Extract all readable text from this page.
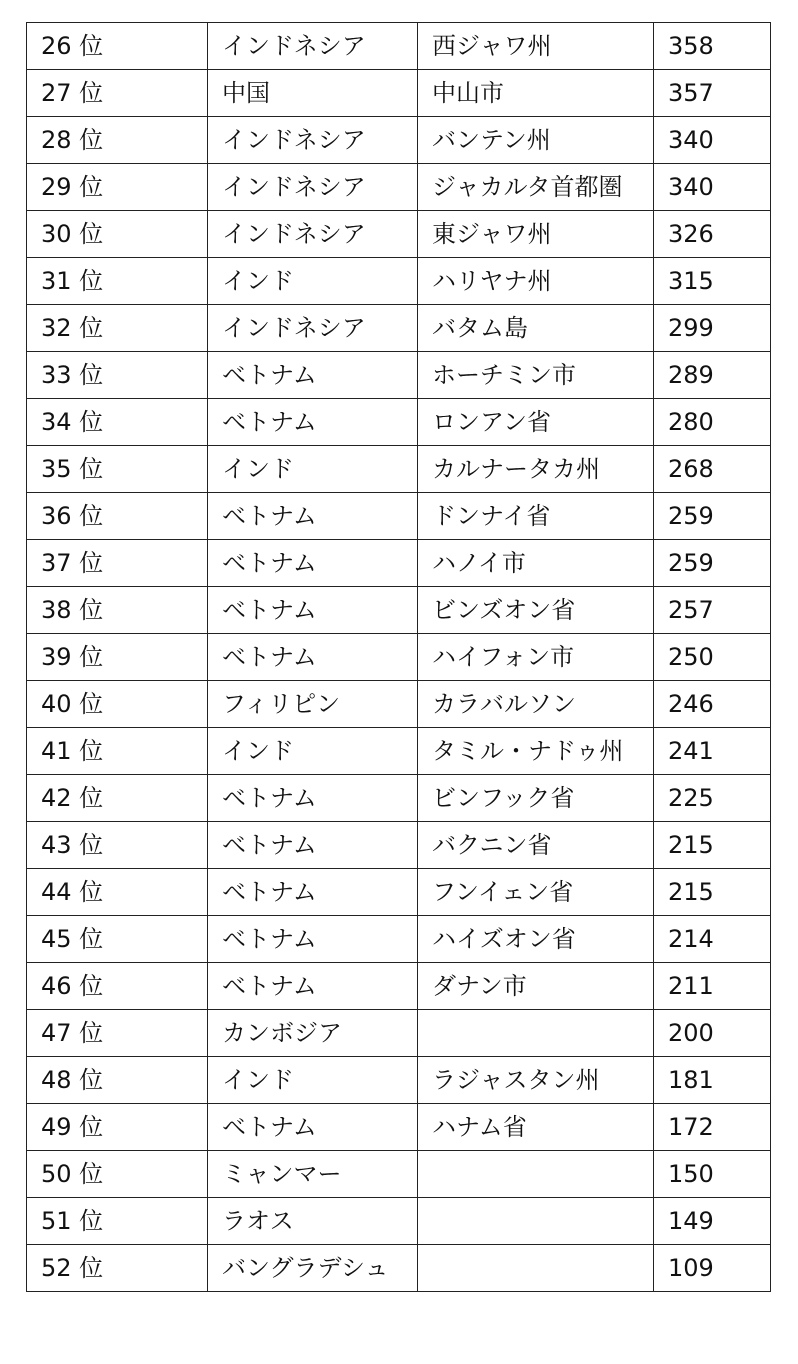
26 位	インドネシア	西ジャワ州	358
27 位	中国	中山市	357
28 位	インドネシア	バンテン州	340
29 位	インドネシア	ジャカルタ首都圏	340
30 位	インドネシア	東ジャワ州	326
31 位	インド	ハリヤナ州	315
32 位	インドネシア	バタム島	299
33 位	ベトナム	ホーチミン市	289
34 位	ベトナム	ロンアン省	280
35 位	インド	カルナータカ州	268
36 位	ベトナム	ドンナイ省	259
37 位	ベトナム	ハノイ市	259
38 位	ベトナム	ビンズオン省	257
39 位	ベトナム	ハイフォン市	250
40 位	フィリピン	カラバルソン	246
41 位	インド	タミル・ナドゥ州	241
42 位	ベトナム	ビンフック省	225
43 位	ベトナム	バクニン省	215
44 位	ベトナム	フンイェン省	215
45 位	ベトナム	ハイズオン省	214
46 位	ベトナム	ダナン市	211
47 位	カンボジア		200
48 位	インド	ラジャスタン州	181
49 位	ベトナム	ハナム省	172
50 位	ミャンマー		150
51 位	ラオス		149
52 位	バングラデシュ		109
